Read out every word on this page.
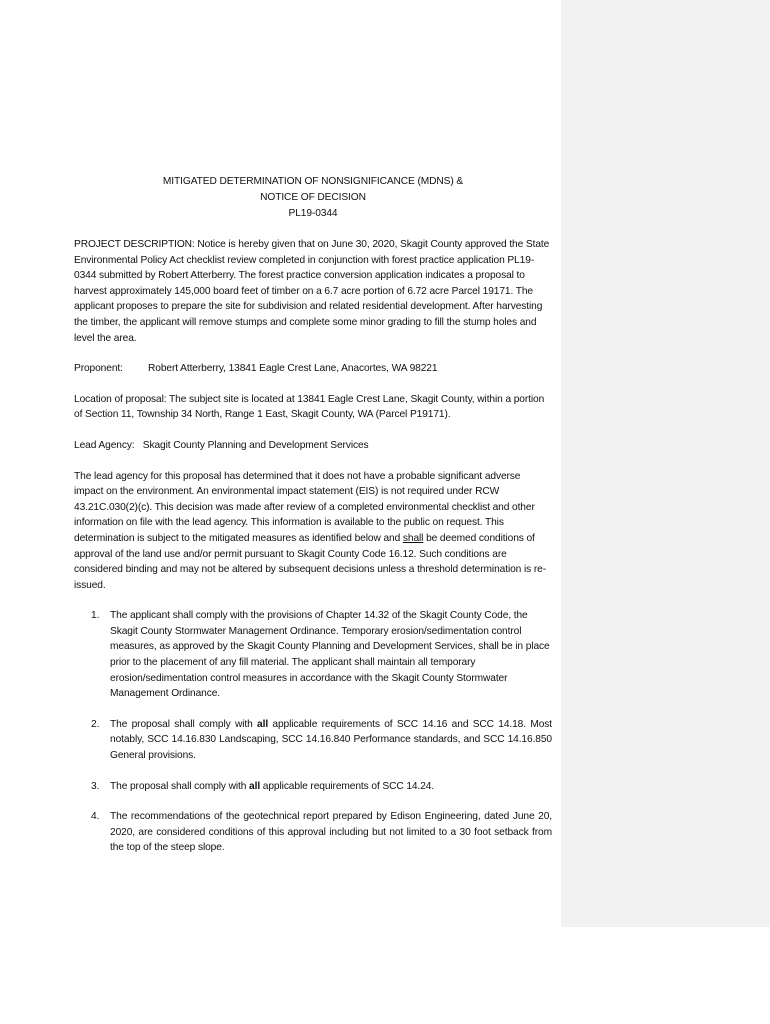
MITIGATED DETERMINATION OF NONSIGNIFICANCE (MDNS) &
NOTICE OF DECISION
PL19-0344

PROJECT DESCRIPTION: Notice is hereby given that on June 30, 2020, Skagit County approved the State Environmental Policy Act checklist review completed in conjunction with forest practice application PL19-0344 submitted by Robert Atterberry. The forest practice conversion application indicates a proposal to harvest approximately 145,000 board feet of timber on a 6.7 acre portion of 6.72 acre Parcel 19171. The applicant proposes to prepare the site for subdivision and related residential development. After harvesting the timber, the applicant will remove stumps and complete some minor grading to fill the stump holes and level the area.

Proponent: Robert Atterberry, 13841 Eagle Crest Lane, Anacortes, WA 98221

Location of proposal: The subject site is located at 13841 Eagle Crest Lane, Skagit County, within a portion of Section 11, Township 34 North, Range 1 East, Skagit County, WA (Parcel P19171).

Lead Agency: Skagit County Planning and Development Services

The lead agency for this proposal has determined that it does not have a probable significant adverse impact on the environment. An environmental impact statement (EIS) is not required under RCW 43.21C.030(2)(c). This decision was made after review of a completed environmental checklist and other information on file with the lead agency. This information is available to the public on request. This determination is subject to the mitigated measures as identified below and shall be deemed conditions of approval of the land use and/or permit pursuant to Skagit County Code 16.12. Such conditions are considered binding and may not be altered by subsequent decisions unless a threshold determination is re-issued.

1. The applicant shall comply with the provisions of Chapter 14.32 of the Skagit County Code, the Skagit County Stormwater Management Ordinance. Temporary erosion/sedimentation control measures, as approved by the Skagit County Planning and Development Services, shall be in place prior to the placement of any fill material. The applicant shall maintain all temporary erosion/sedimentation control measures in accordance with the Skagit County Stormwater Management Ordinance.
2. The proposal shall comply with all applicable requirements of SCC 14.16 and SCC 14.18. Most notably, SCC 14.16.830 Landscaping, SCC 14.16.840 Performance standards, and SCC 14.16.850 General provisions.
3. The proposal shall comply with all applicable requirements of SCC 14.24.
4. The recommendations of the geotechnical report prepared by Edison Engineering, dated June 20, 2020, are considered conditions of this approval including but not limited to a 30 foot setback from the top of the steep slope.
